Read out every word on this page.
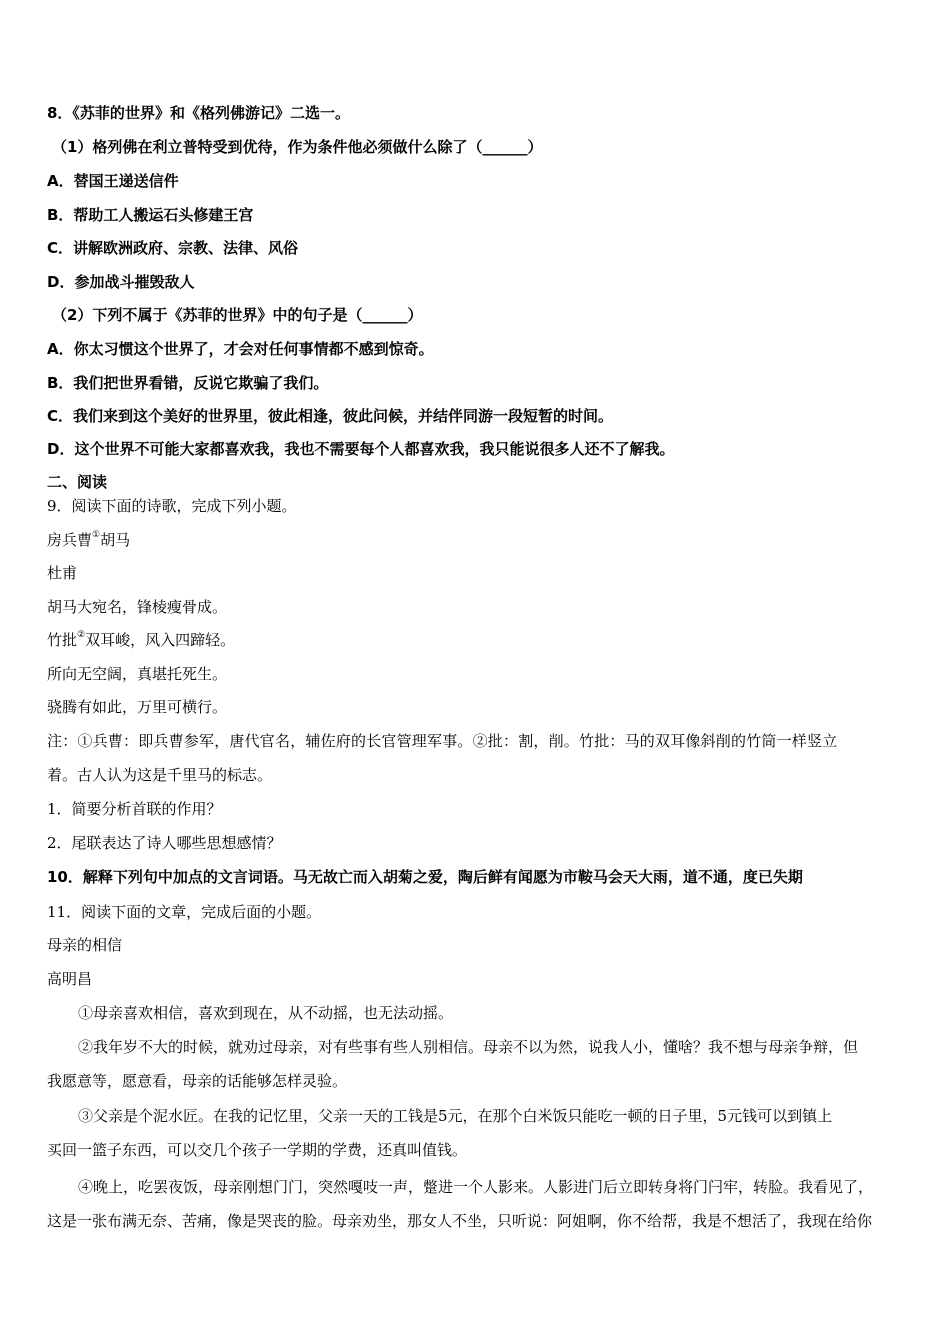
8．《苏菲的世界》和《格列佛游记》二选一。
（1）格列佛在利立普特受到优待，作为条件他必须做什么除了（______）
A．替国王递送信件
B．帮助工人搬运石头修建王宫
C．讲解欧洲政府、宗教、法律、风俗
D．参加战斗摧毁敌人
（2）下列不属于《苏菲的世界》中的句子是（______）
A．你太习惯这个世界了，才会对任何事情都不感到惊奇。
B．我们把世界看错，反说它欺骗了我们。
C．我们来到这个美好的世界里，彼此相逢，彼此问候，并结伴同游一段短暂的时间。
D．这个世界不可能大家都喜欢我，我也不需要每个人都喜欢我，我只能说很多人还不了解我。
二、阅读
9．阅读下面的诗歌，完成下列小题。
房兵曹①胡马
杜甫
胡马大宛名，锋棱瘦骨成。
竹批②双耳峻，风入四蹄轻。
所向无空阔，真堪托死生。
骁腾有如此，万里可横行。
注：①兵曹：即兵曹参军，唐代官名，辅佐府的长官管理军事。②批：割，削。竹批：马的双耳像斜削的竹筒一样竖立
着。古人认为这是千里马的标志。
1．简要分析首联的作用？
2．尾联表达了诗人哪些思想感情？
10．解释下列句中加点的文言词语。马无故亡而入胡菊之爱，陶后鲜有闻愿为市鞍马会天大雨，道不通，度已失期
11．阅读下面的文章，完成后面的小题。
母亲的相信
高明昌
①母亲喜欢相信，喜欢到现在，从不动摇，也无法动摇。
②我年岁不大的时候，就劝过母亲，对有些事有些人别相信。母亲不以为然，说我人小，懂啥？我不想与母亲争辩，但
我愿意等，愿意看，母亲的话能够怎样灵验。
③父亲是个泥水匠。在我的记忆里，父亲一天的工钱是5元，在那个白米饭只能吃一顿的日子里，5元钱可以到镇上
买回一篮子东西，可以交几个孩子一学期的学费，还真叫值钱。
④晚上，吃罢夜饭，母亲刚想门门，突然嘎吱一声，蹩进一个人影来。人影进门后立即转身将门闩牢，转脸。我看见了，
这是一张布满无奈、苦痛，像是哭丧的脸。母亲劝坐，那女人不坐，只听说：阿姐啊，你不给帮，我是不想活了，我现在给你
